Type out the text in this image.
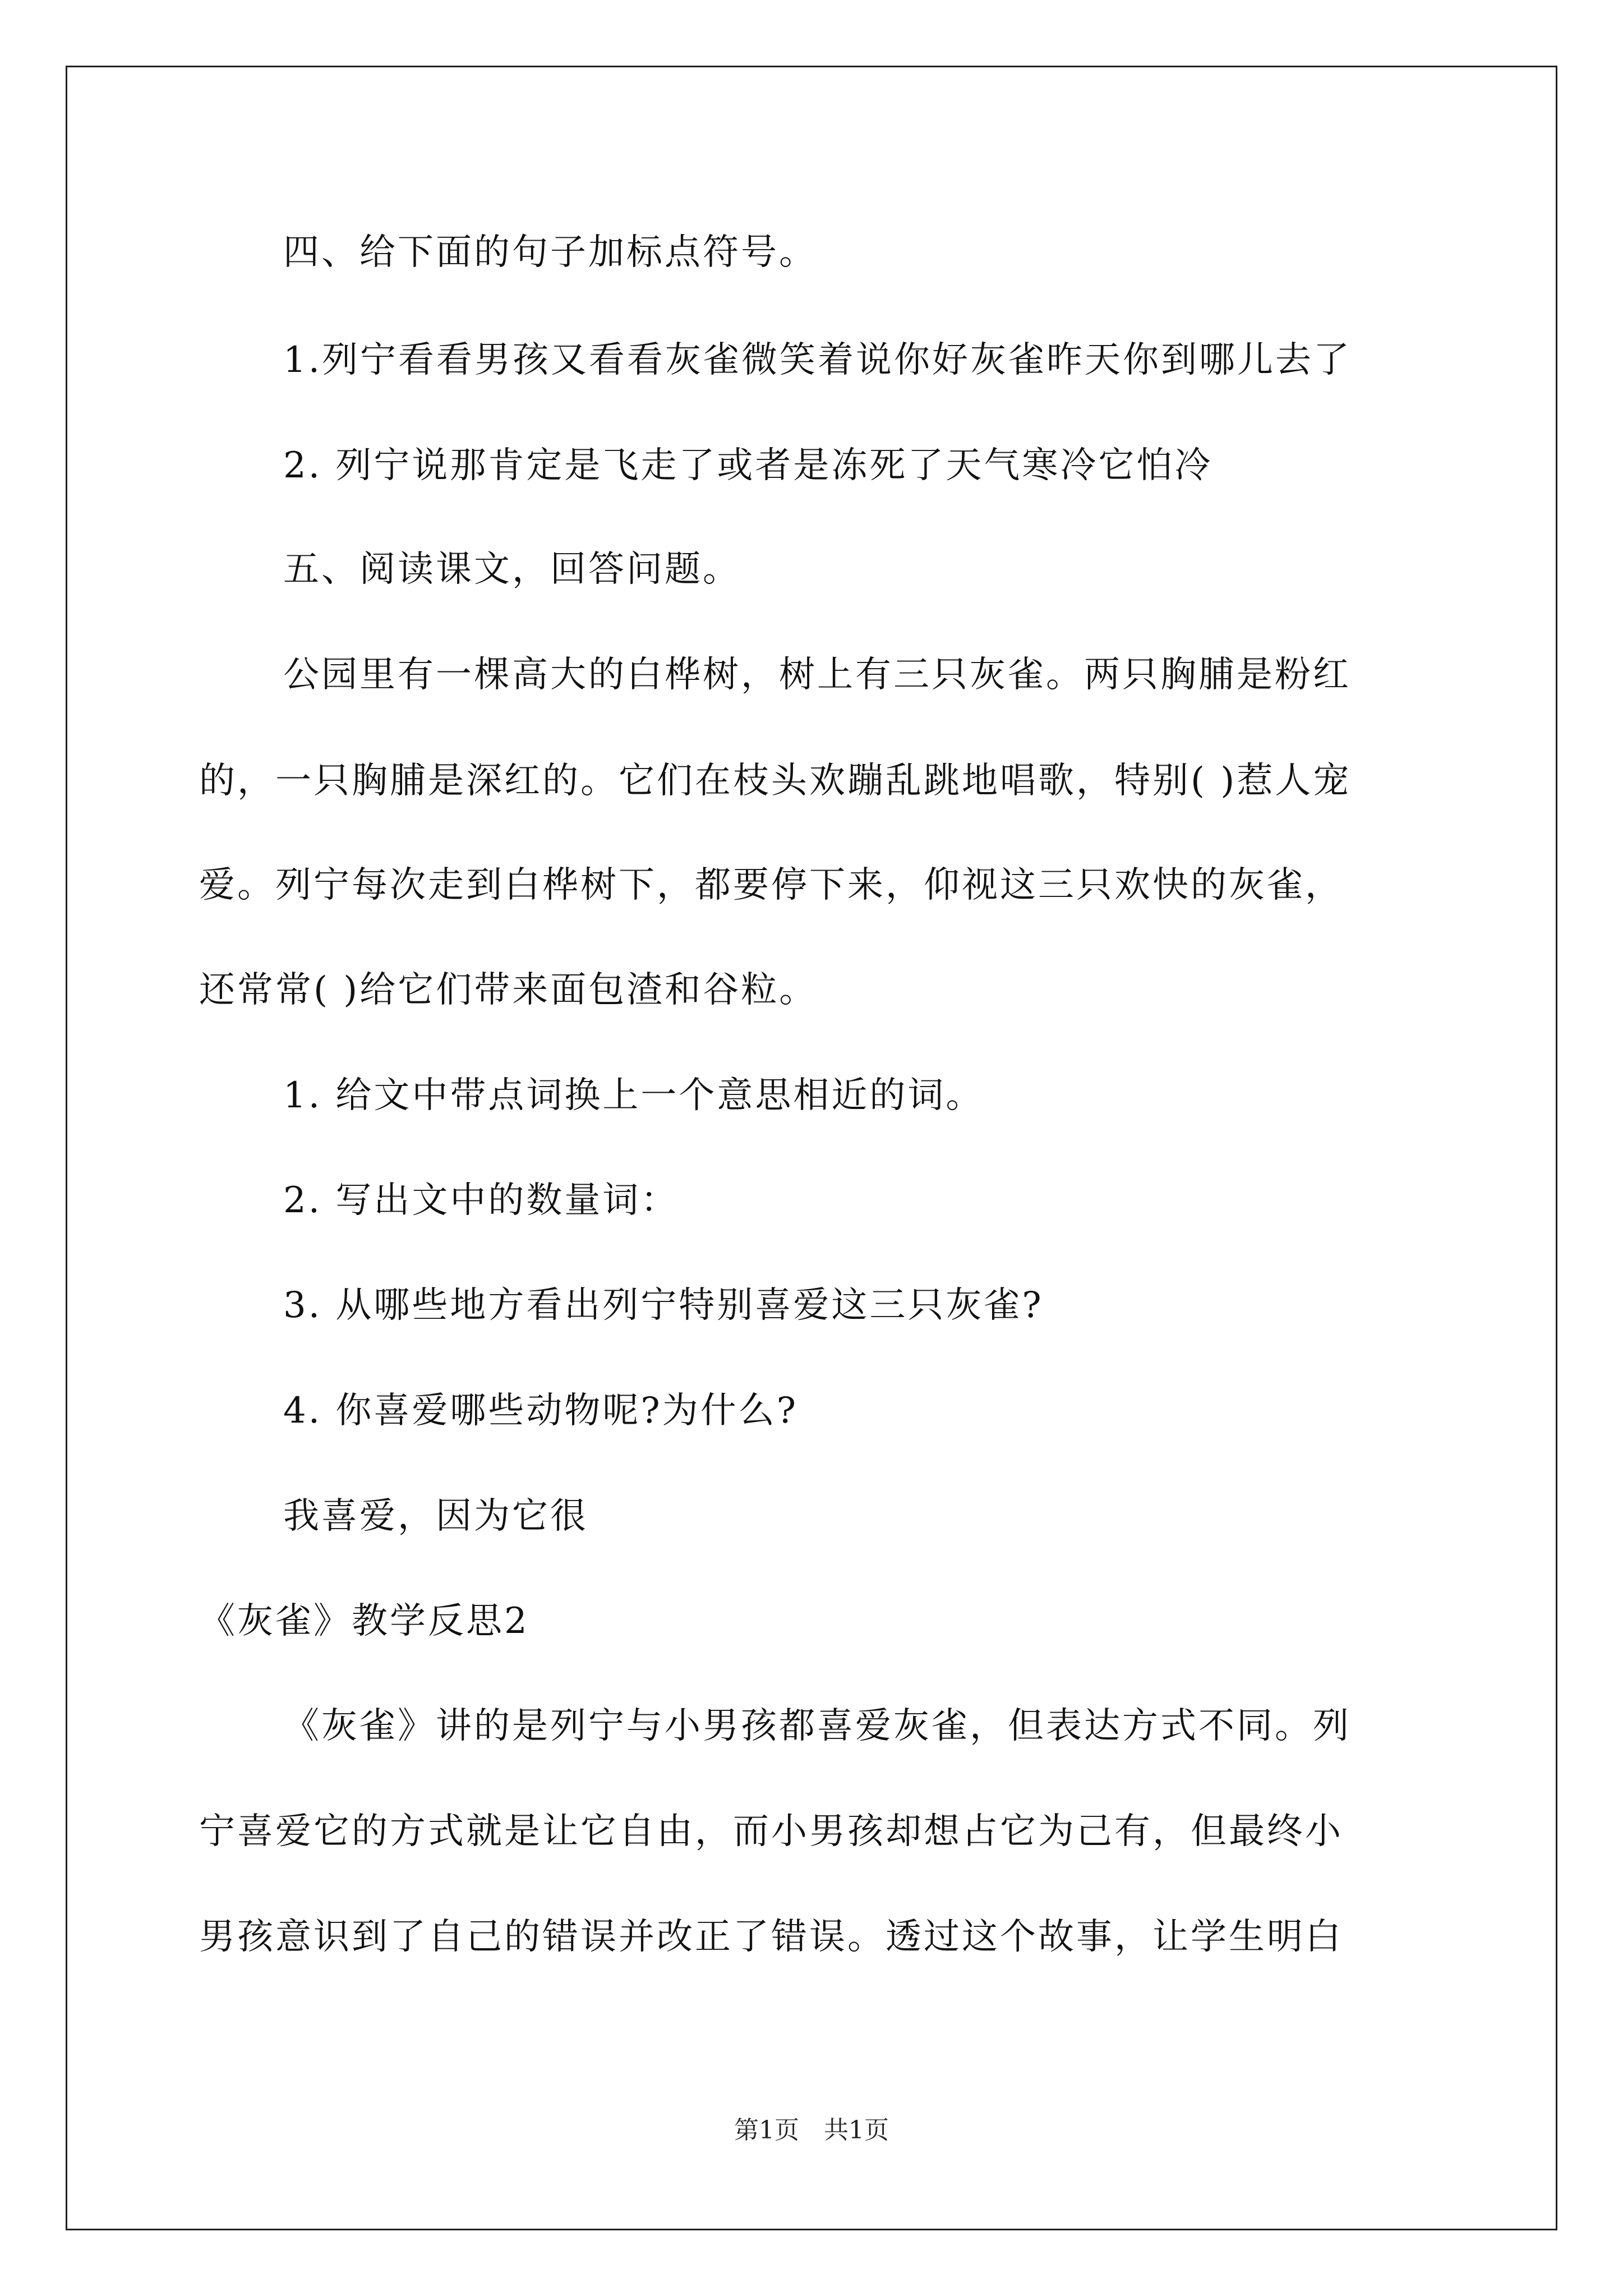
四、给下面的句子加标点符号。
1.列宁看看男孩又看看灰雀微笑着说你好灰雀昨天你到哪儿去了
2. 列宁说那肯定是飞走了或者是冻死了天气寒冷它怕冷
五、阅读课文，回答问题。
公园里有一棵高大的白桦树，树上有三只灰雀。两只胸脯是粉红
的，一只胸脯是深红的。它们在枝头欢蹦乱跳地唱歌，特别( )惹人宠
爱。列宁每次走到白桦树下，都要停下来，仰视这三只欢快的灰雀，
还常常( )给它们带来面包渣和谷粒。
1. 给文中带点词换上一个意思相近的词。
2. 写出文中的数量词：
3. 从哪些地方看出列宁特别喜爱这三只灰雀?
4. 你喜爱哪些动物呢?为什么?
我喜爱，因为它很
《灰雀》教学反思2
《灰雀》讲的是列宁与小男孩都喜爱灰雀，但表达方式不同。列
宁喜爱它的方式就是让它自由，而小男孩却想占它为己有，但最终小
男孩意识到了自己的错误并改正了错误。透过这个故事，让学生明白
第1页　共1页
